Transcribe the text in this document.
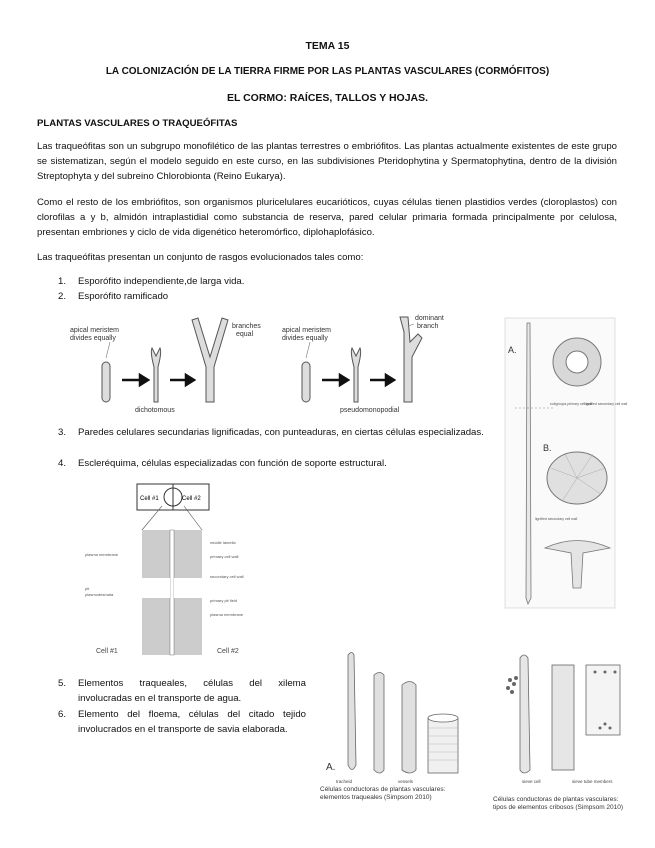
TEMA 15
LA COLONIZACIÓN DE LA TIERRA FIRME POR LAS PLANTAS VASCULARES (CORMÓFITOS)
EL CORMO: RAÍCES, TALLOS Y HOJAS.
PLANTAS VASCULARES O TRAQUEÓFITAS
Las traqueófitas son un subgrupo monofilético de las plantas terrestres o embriófitos. Las plantas actualmente existentes de este grupo se sistematizan, según el modelo seguido en este curso, en las subdivisiones Pteridophytina y Spermatophytina, dentro de la división Streptophyta y del subreino Chlorobionta (Reino Eukarya).
Como el resto de los embriófitos, son organismos pluricelulares eucarióticos, cuyas células tienen plastidios verdes (cloroplastos) con clorofilas a y b, almidón intraplastidial como substancia de reserva, pared celular primaria formada principalmente por celulosa, presentan embriones y ciclo de vida digenético heteromórfico, diplohaplofásico.
Las traqueófitas presentan un conjunto de rasgos evolucionados tales como:
1. Esporófito independiente,de larga vida.
2. Esporófito ramificado
apical meristem
divides equally
branches
equal
dichotomous
apical meristem
divides equally
dominant
branch
pseudomonopodial
A.
subgroups primary cell wall
lignified secondary cell wall
B.
lignified secondary cell wall
3. Paredes celulares secundarias lignificadas, con punteaduras, en ciertas células especializadas.
4. Escleréquima, células especializadas con función de soporte estructural.
Cell #1	Cell #2
plasma membrane
pit
plasmodesmata
middle lamella
primary cell wall
secondary cell wall
primary pit field
plasma membrane
Cell #1	Cell #2
5. Elementos traqueales, células del xilema involucradas en el transporte de agua.
6. Elemento del floema, células del citado tejido involucrados en el transporte de savia elaborada.
A.
tracheid	vessels
Células conductoras de plantas vasculares: elementos traqueales (Simpsom 2010)
sieve cell	sieve tube members
Células conductoras de plantas vasculares: tipos de elementos cribosos (Simpsom 2010)
